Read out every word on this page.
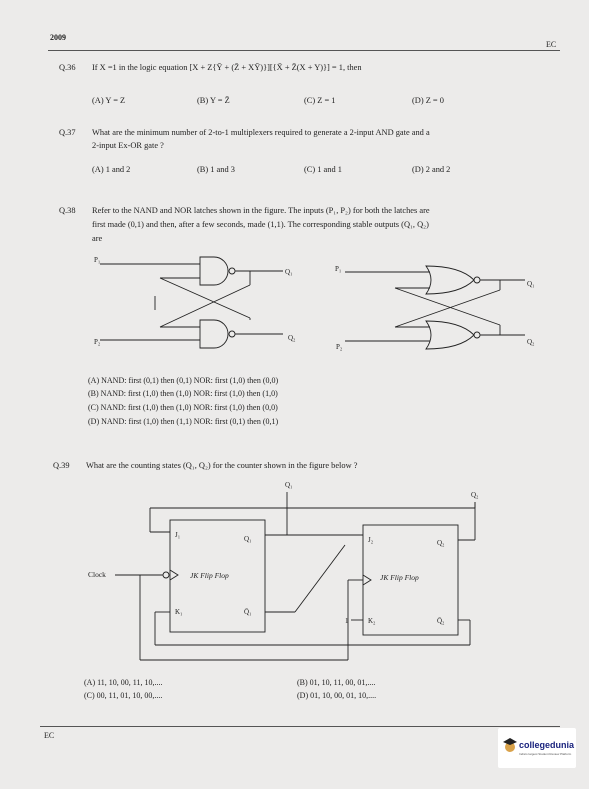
2009
EC
Q.36 If X =1 in the logic equation [X + Z{Ȳ + (Z̄ + XȲ)}][{X̄ + Z̄(X + Y)}] = 1, then
(A) Y = Z	(B) Y = Z̄	(C) Z = 1	(D) Z = 0
Q.37 What are the minimum number of 2-to-1 multiplexers required to generate a 2-input AND gate and a
2-input Ex-OR gate ?
(A) 1 and 2	(B) 1 and 3	(C) 1 and 1	(D) 2 and 2
Q.38 Refer to the NAND and NOR latches shown in the figure. The inputs (P₁, P₂) for both the latches are
first made (0,1) and then, after a few seconds, made (1,1). The corresponding stable outputs (Q₁, Q₂)
are
P₁
Q₁
P₂	Q₂
P₁
Q₁
P₂
Q₂
(A) NAND: first (0,1) then (0,1) NOR: first (1,0) then (0,0)
(B) NAND: first (1,0) then (1,0) NOR: first (1,0) then (1,0)
(C) NAND: first (1,0) then (1,0) NOR: first (1,0) then (0,0)
(D) NAND: first (1,0) then (1,1) NOR: first (0,1) then (0,1)
Q.39 What are the counting states (Q₁, Q₂) for the counter shown in the figure below ?
J₁	Q₁
JK Flip Flop
K₁	Q̄₁
J₂	Q₂
JK Flip Flop
K₂	Q̄₂
Clock
Q₁
Q₂
1
(A) 11, 10, 00, 11, 10,....	(B) 01, 10, 11, 00, 01,....
(C) 00, 11, 01, 10, 00,....	(D) 01, 10, 00, 01, 10,....
EC
collegedunia
India's largest Student Review Platform
